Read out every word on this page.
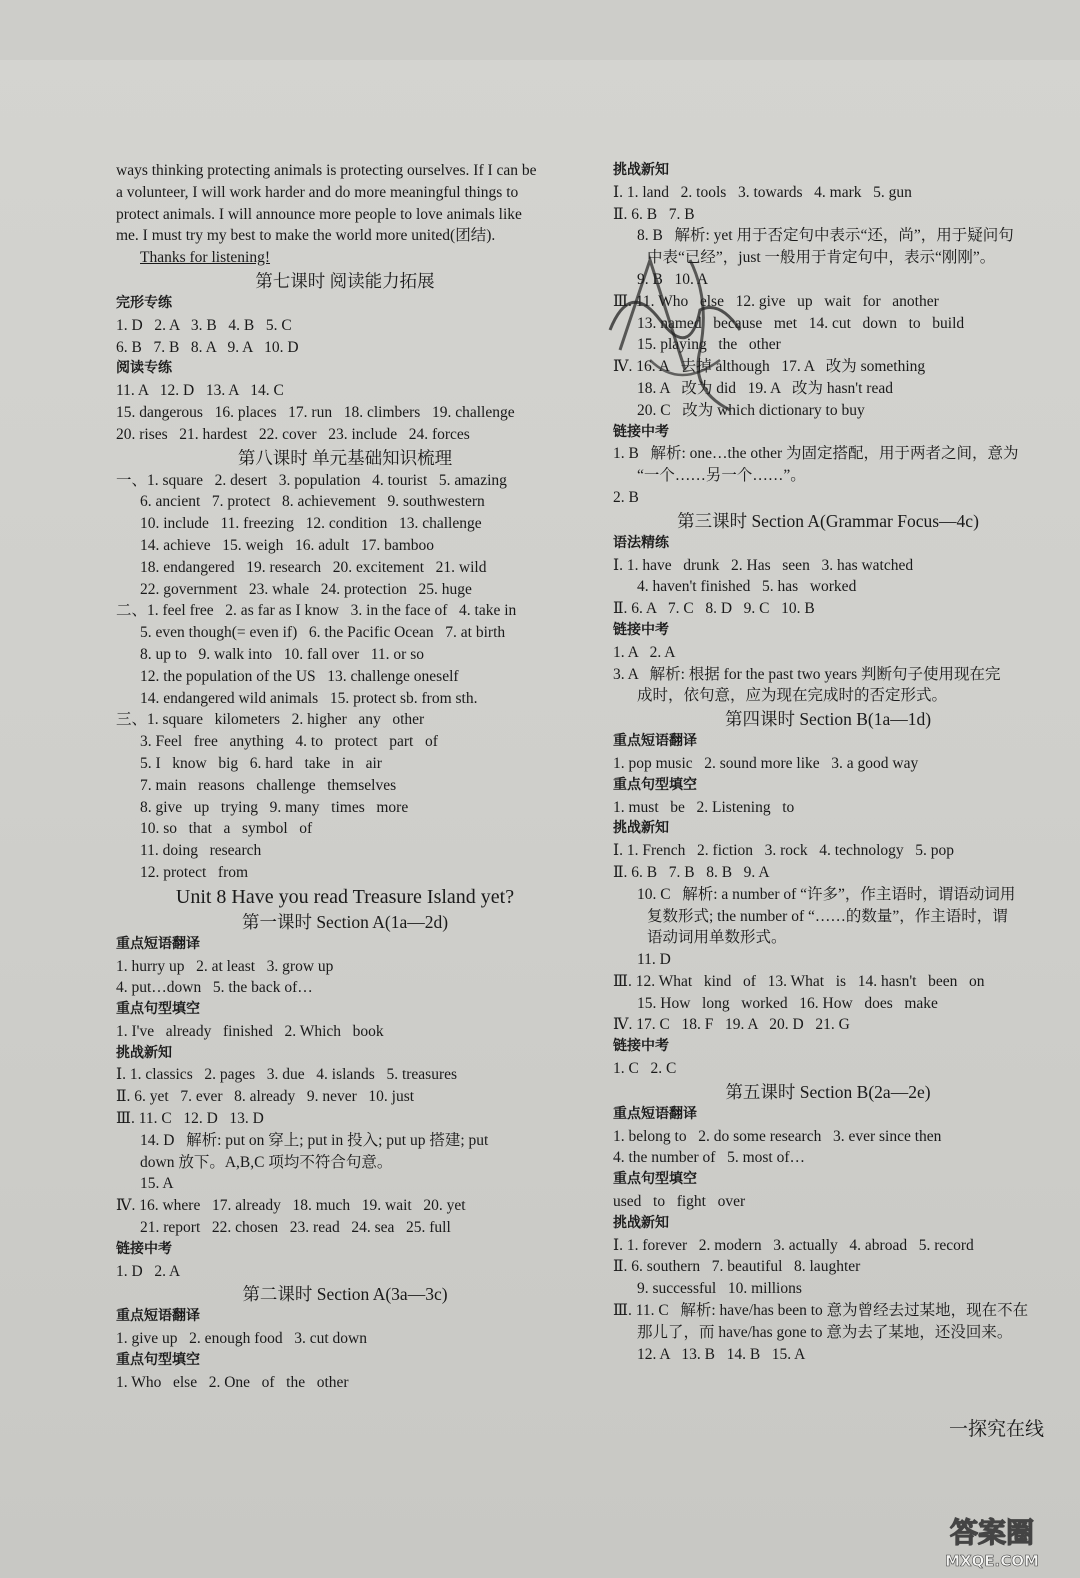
ways thinking protecting animals is protecting ourselves. If I can be
a volunteer, I will work harder and do more meaningful things to
protect animals. I will announce more people to love animals like
me. I must try my best to make the world more united(团结).
Thanks for listening!
第七课时 阅读能力拓展
完形专练
1. D   2. A   3. B   4. B   5. C
6. B   7. B   8. A   9. A   10. D
阅读专练
11. A   12. D   13. A   14. C
15. dangerous   16. places   17. run   18. climbers   19. challenge
20. rises   21. hardest   22. cover   23. include   24. forces
第八课时 单元基础知识梳理
一、1. square   2. desert   3. population   4. tourist   5. amazing
6. ancient   7. protect   8. achievement   9. southwestern
10. include   11. freezing   12. condition   13. challenge
14. achieve   15. weigh   16. adult   17. bamboo
18. endangered   19. research   20. excitement   21. wild
22. government   23. whale   24. protection   25. huge
二、1. feel free   2. as far as I know   3. in the face of   4. take in
5. even though(= even if)   6. the Pacific Ocean   7. at birth
8. up to   9. walk into   10. fall over   11. or so
12. the population of the US   13. challenge oneself
14. endangered wild animals   15. protect sb. from sth.
三、1. square   kilometers   2. higher   any   other
3. Feel   free   anything   4. to   protect   part   of
5. I   know   big   6. hard   take   in   air
7. main   reasons   challenge   themselves
8. give   up   trying   9. many   times   more
10. so   that   a   symbol   of
11. doing   research
12. protect   from
Unit 8 Have you read Treasure Island yet?
第一课时 Section A(1a—2d)
重点短语翻译
1. hurry up   2. at least   3. grow up
4. put…down   5. the back of…
重点句型填空
1. I've   already   finished   2. Which   book
挑战新知
Ⅰ. 1. classics   2. pages   3. due   4. islands   5. treasures
Ⅱ. 6. yet   7. ever   8. already   9. never   10. just
Ⅲ. 11. C   12. D   13. D
14. D   解析: put on 穿上; put in 投入; put up 搭建; put
down 放下。A,B,C 项均不符合句意。
15. A
Ⅳ. 16. where   17. already   18. much   19. wait   20. yet
21. report   22. chosen   23. read   24. sea   25. full
链接中考
1. D   2. A
第二课时 Section A(3a—3c)
重点短语翻译
1. give up   2. enough food   3. cut down
重点句型填空
1. Who   else   2. One   of   the   other
挑战新知
Ⅰ. 1. land   2. tools   3. towards   4. mark   5. gun
Ⅱ. 6. B   7. B
8. B   解析: yet 用于否定句中表示“还，尚”，用于疑问句
中表“已经”，just 一般用于肯定句中，表示“刚刚”。
9. B   10. A
Ⅲ. 11. Who   else   12. give   up   wait   for   another
13. named   because   met   14. cut   down   to   build
15. playing   the   other
Ⅳ. 16. A   去掉 although   17. A   改为 something
18. A   改为 did   19. A   改为 hasn't read
20. C   改为 which dictionary to buy
链接中考
1. B   解析: one…the other 为固定搭配，用于两者之间，意为
“一个……另一个……”。
2. B
第三课时 Section A(Grammar Focus—4c)
语法精练
Ⅰ. 1. have   drunk   2. Has   seen   3. has watched
4. haven't finished   5. has   worked
Ⅱ. 6. A   7. C   8. D   9. C   10. B
链接中考
1. A   2. A
3. A   解析: 根据 for the past two years 判断句子使用现在完
成时，依句意，应为现在完成时的否定形式。
第四课时 Section B(1a—1d)
重点短语翻译
1. pop music   2. sound more like   3. a good way
重点句型填空
1. must   be   2. Listening   to
挑战新知
Ⅰ. 1. French   2. fiction   3. rock   4. technology   5. pop
Ⅱ. 6. B   7. B   8. B   9. A
10. C   解析: a number of “许多”，作主语时，谓语动词用
复数形式; the number of “……的数量”，作主语时，谓
语动词用单数形式。
11. D
Ⅲ. 12. What   kind   of   13. What   is   14. hasn't   been   on
15. How   long   worked   16. How   does   make
Ⅳ. 17. C   18. F   19. A   20. D   21. G
链接中考
1. C   2. C
第五课时 Section B(2a—2e)
重点短语翻译
1. belong to   2. do some research   3. ever since then
4. the number of   5. most of…
重点句型填空
used   to   fight   over
挑战新知
Ⅰ. 1. forever   2. modern   3. actually   4. abroad   5. record
Ⅱ. 6. southern   7. beautiful   8. laughter
9. successful   10. millions
Ⅲ. 11. C   解析: have/has been to 意为曾经去过某地，现在不在
那儿了，而 have/has gone to 意为去了某地，还没回来。
12. A   13. B   14. B   15. A
一探究在线
答案圈
MXQE.COM
